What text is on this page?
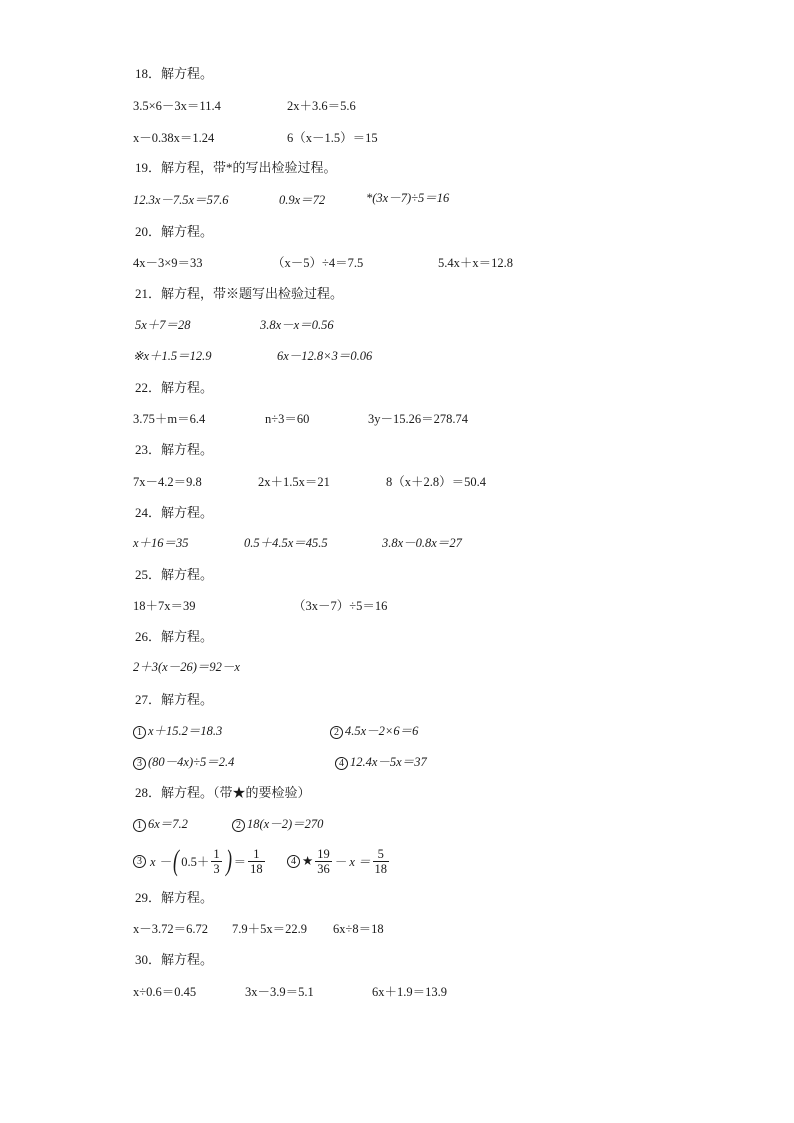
18．解方程。
3.5×6－3x＝11.4	2x＋3.6＝5.6
x－0.38x＝1.24	6（x－1.5）＝15
19．解方程，带*的写出检验过程。
12.3x－7.5x＝57.6	0.9x＝72	*(3x－7)÷5＝16
20．解方程。
4x－3×9＝33	（x－5）÷4＝7.5	5.4x＋x＝12.8
21．解方程，带※题写出检验过程。
5x＋7＝28	3.8x－x＝0.56
※x＋1.5＝12.9	6x－12.8×3＝0.06
22．解方程。
3.75＋m＝6.4	n÷3＝60	3y－15.26＝278.74
23．解方程。
7x－4.2＝9.8	2x＋1.5x＝21	8（x＋2.8）＝50.4
24．解方程。
x＋16＝35	0.5＋4.5x＝45.5	3.8x－0.8x＝27
25．解方程。
18＋7x＝39	（3x－7）÷5＝16
26．解方程。
2＋3(x－26)＝92－x
27．解方程。
1 x＋15.2＝18.3	2 4.5x－2×6＝6
3 (80－4x)÷5＝2.4	4 12.4x－5x＝37
28．解方程。（带★的要检验）
1 6x＝7.2	2 18(x－2)＝270
3 x － ( $0.5+ \frac{1}{3}$ ) ＝ $\frac{1}{18}$	4 ★ $\frac{19}{36} - x = \frac{5}{18}$
29．解方程。
x－3.72＝6.72 7.9＋5x＝22.9 6x÷8＝18
30．解方程。
x÷0.6＝0.45	3x－3.9＝5.1	6x＋1.9＝13.9
